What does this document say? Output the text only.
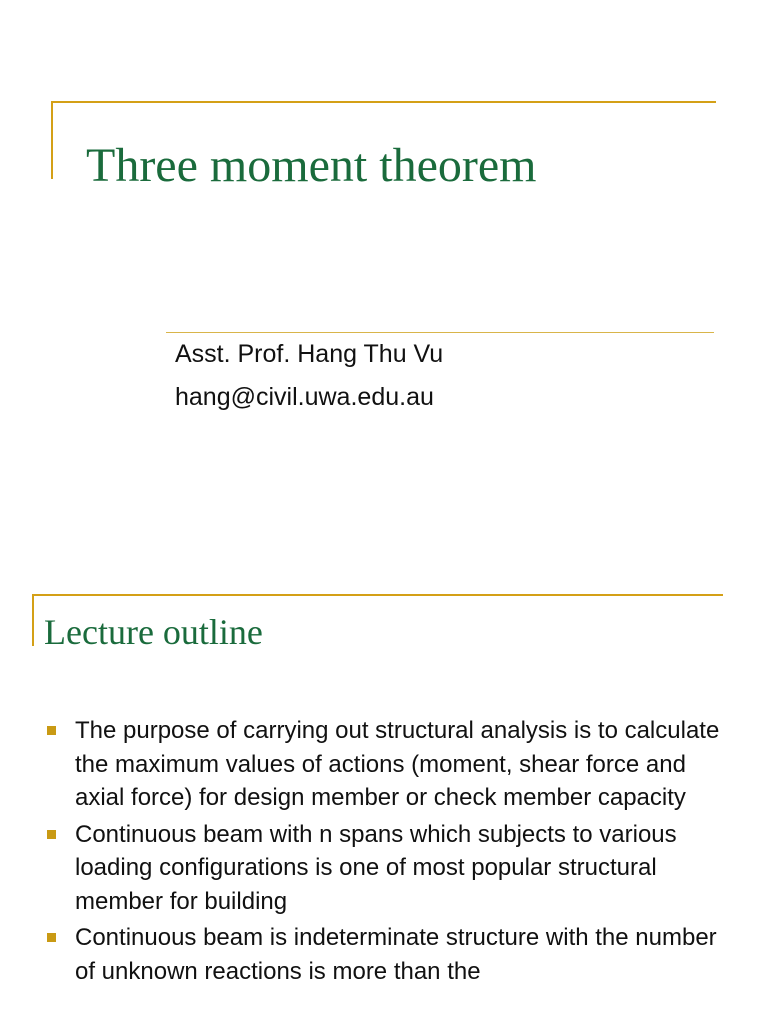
Three moment theorem
Asst. Prof. Hang Thu Vu
hang@civil.uwa.edu.au
Lecture outline
The purpose of carrying out structural analysis is to calculate the maximum values of actions (moment, shear force and axial force) for design member or check member capacity
Continuous beam with n spans which subjects to various loading configurations is one of most popular structural member for building
Continuous beam is indeterminate structure with the number of unknown reactions is more than the
